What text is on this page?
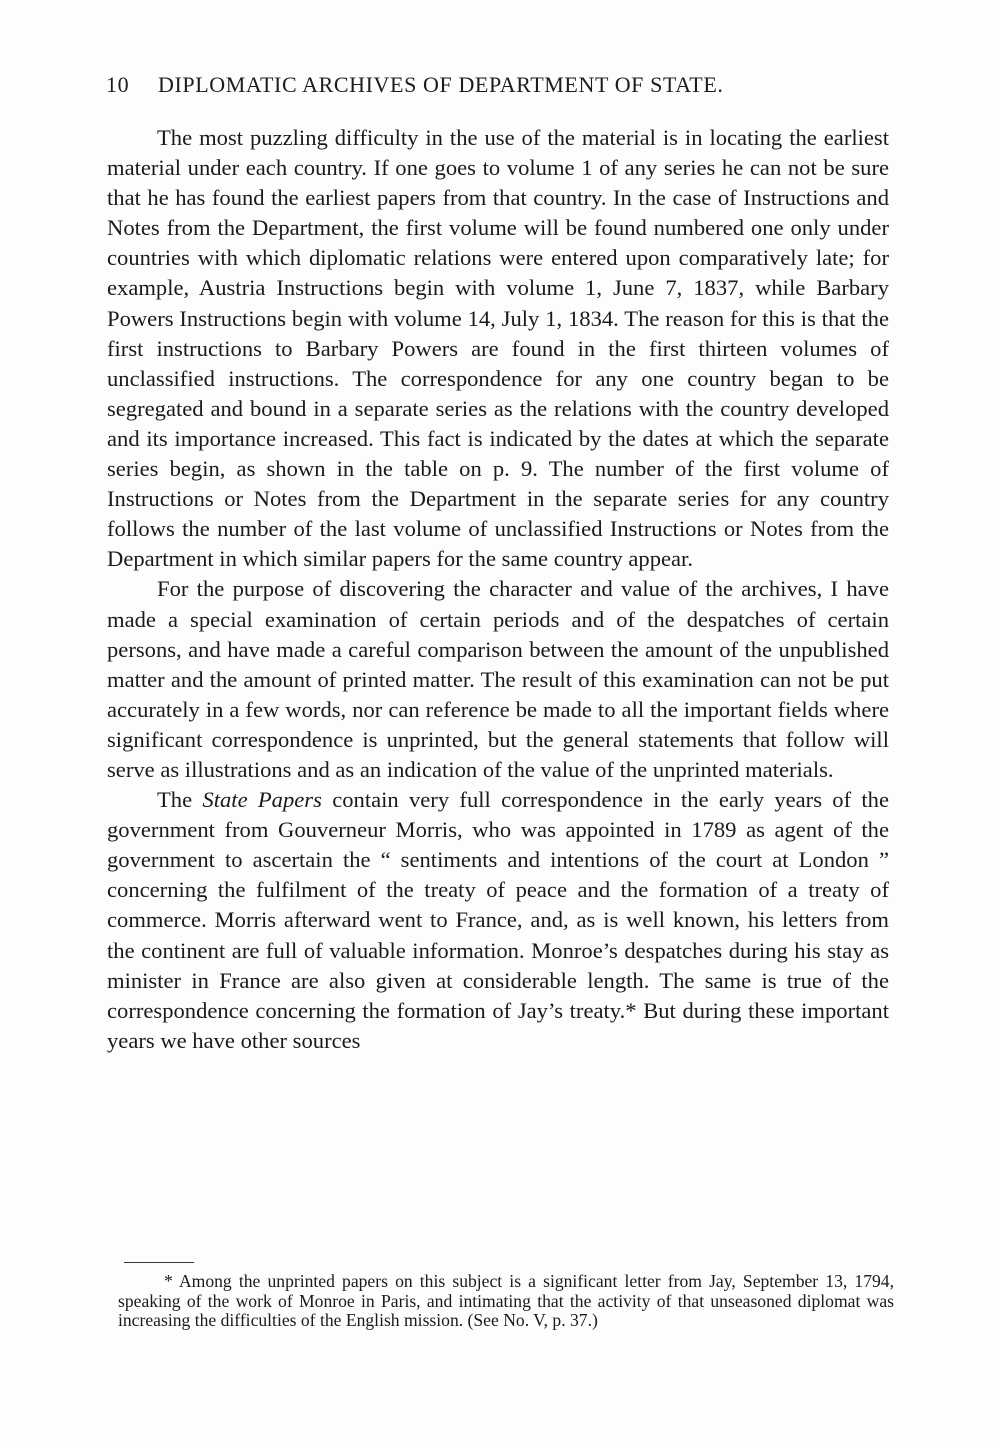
10 DIPLOMATIC ARCHIVES OF DEPARTMENT OF STATE.

The most puzzling difficulty in the use of the material is in locating the earliest material under each country. If one goes to volume 1 of any series he can not be sure that he has found the earliest papers from that country. In the case of Instructions and Notes from the Department, the first volume will be found numbered one only under countries with which diplomatic relations were entered upon comparatively late; for example, Austria Instructions begin with volume 1, June 7, 1837, while Barbary Powers Instructions begin with volume 14, July 1, 1834. The reason for this is that the first instructions to Barbary Powers are found in the first thirteen volumes of unclassified instructions. The correspondence for any one country began to be segregated and bound in a separate series as the relations with the country developed and its importance increased. This fact is indicated by the dates at which the separate series begin, as shown in the table on p. 9. The number of the first volume of Instructions or Notes from the Department in the separate series for any country follows the number of the last volume of unclassified Instructions or Notes from the Department in which similar papers for the same country appear.

For the purpose of discovering the character and value of the archives, I have made a special examination of certain periods and of the despatches of certain persons, and have made a careful comparison between the amount of the unpublished matter and the amount of printed matter. The result of this examination can not be put accurately in a few words, nor can reference be made to all the important fields where significant correspondence is unprinted, but the general statements that follow will serve as illustrations and as an indication of the value of the unprinted materials.

The State Papers contain very full correspondence in the early years of the government from Gouverneur Morris, who was appointed in 1789 as agent of the government to ascertain the “ sentiments and intentions of the court at London ” concerning the fulfilment of the treaty of peace and the formation of a treaty of commerce. Morris afterward went to France, and, as is well known, his letters from the continent are full of valuable information. Monroe’s despatches during his stay as minister in France are also given at considerable length. The same is true of the correspondence concerning the formation of Jay’s treaty.* But during these important years we have other sources

* Among the unprinted papers on this subject is a significant letter from Jay, September 13, 1794, speaking of the work of Monroe in Paris, and intimating that the activity of that unseasoned diplomat was increasing the difficulties of the English mission. (See No. V, p. 37.)
